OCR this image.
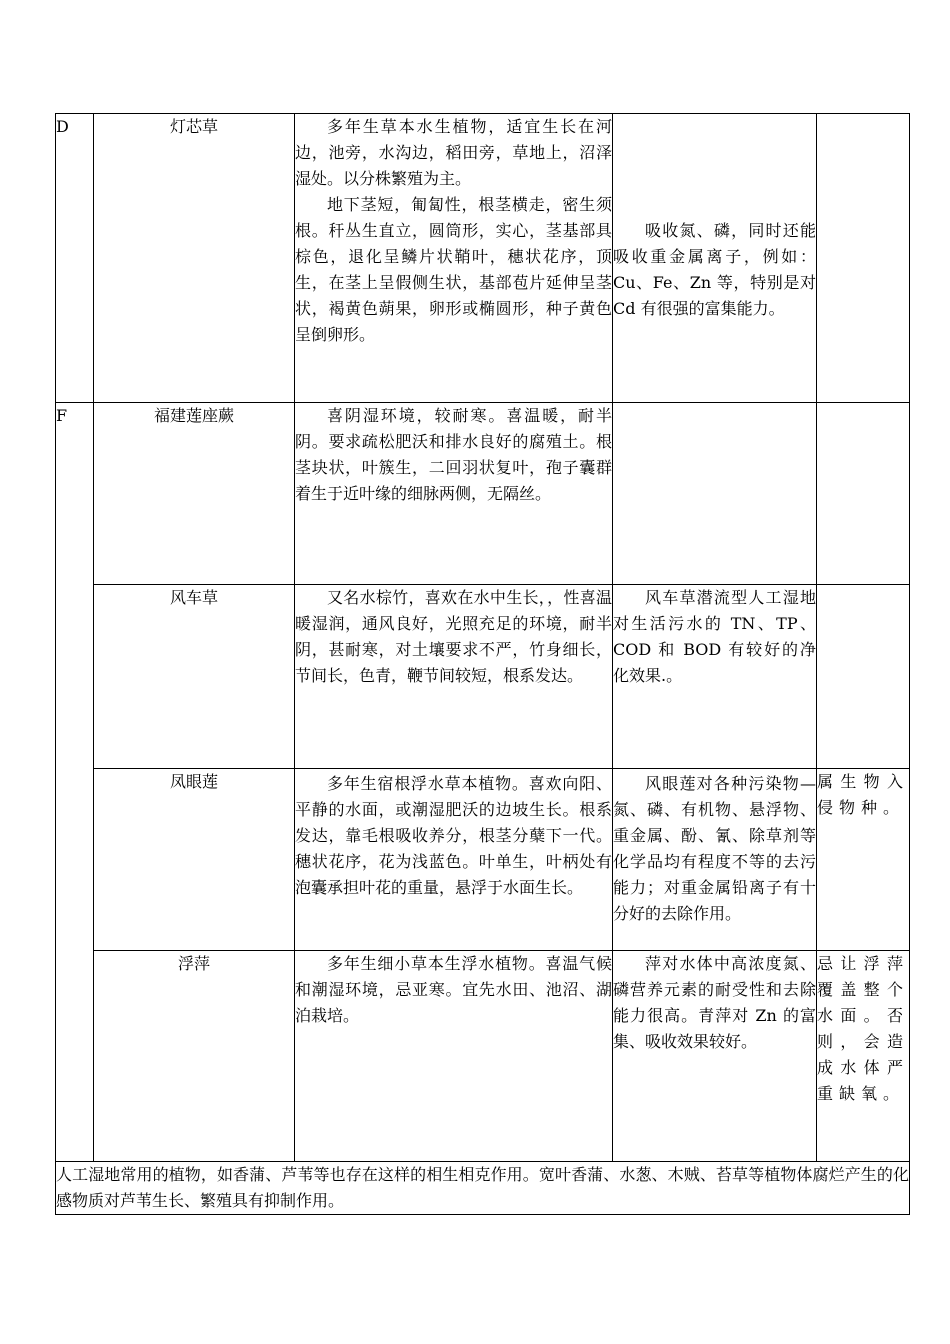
D	灯芯草	多年生草本水生植物，适宜生长在河边，池旁，水沟边，稻田旁，草地上，沼泽湿处。以分株繁殖为主。

地下茎短，匍匐性，根茎横走，密生须根。秆丛生直立，圆筒形，实心，茎基部具棕色，退化呈鳞片状鞘叶，穗状花序，顶生，在茎上呈假侧生状，基部苞片延伸呈茎状，褐黄色蒴果，卵形或椭圆形，种子黄色呈倒卵形。	吸收氮、磷，同时还能吸收重金属离子，例如：Cu、Fe、Zn 等，特别是对 Cd 有很强的富集能力。	

F	福建莲座蕨	喜阴湿环境，较耐寒。喜温暖，耐半阴。要求疏松肥沃和排水良好的腐殖土。根茎块状，叶簇生，二回羽状复叶，孢子囊群着生于近叶缘的细脉两侧，无隔丝。		

	风车草	又名水棕竹，喜欢在水中生长，，性喜温暖湿润，通风良好，光照充足的环境，耐半阴，甚耐寒，对土壤要求不严，竹身细长，节间长，色青，鞭节间较短，根系发达。	风车草潜流型人工湿地对生活污水的 TN、TP、COD 和 BOD 有较好的净化效果.。	

	凤眼莲	多年生宿根浮水草本植物。喜欢向阳、平静的水面，或潮湿肥沃的边坡生长。根系发达，靠毛根吸收养分，根茎分蘖下一代。穗状花序，花为浅蓝色。叶单生，叶柄处有泡囊承担叶花的重量，悬浮于水面生长。	风眼莲对各种污染物—氮、磷、有机物、悬浮物、重金属、酚、氰、除草剂等化学品均有程度不等的去污能力；对重金属铅离子有十分好的去除作用。	属生物入侵物种。
	浮萍	多年生细小草本生浮水植物。喜温气候和潮湿环境，忌亚寒。宜先水田、池沼、湖泊栽培。	萍对水体中高浓度氮、磷营养元素的耐受性和去除能力很高。青萍对 Zn 的富集、吸收效果较好。	忌让浮萍覆盖整个水面。否则，会造成水体严重缺氧。
人工湿地常用的植物，如香蒲、芦苇等也存在这样的相生相克作用。宽叶香蒲、水葱、木贼、苔草等植物体腐烂产生的化感物质对芦苇生长、繁殖具有抑制作用。				
